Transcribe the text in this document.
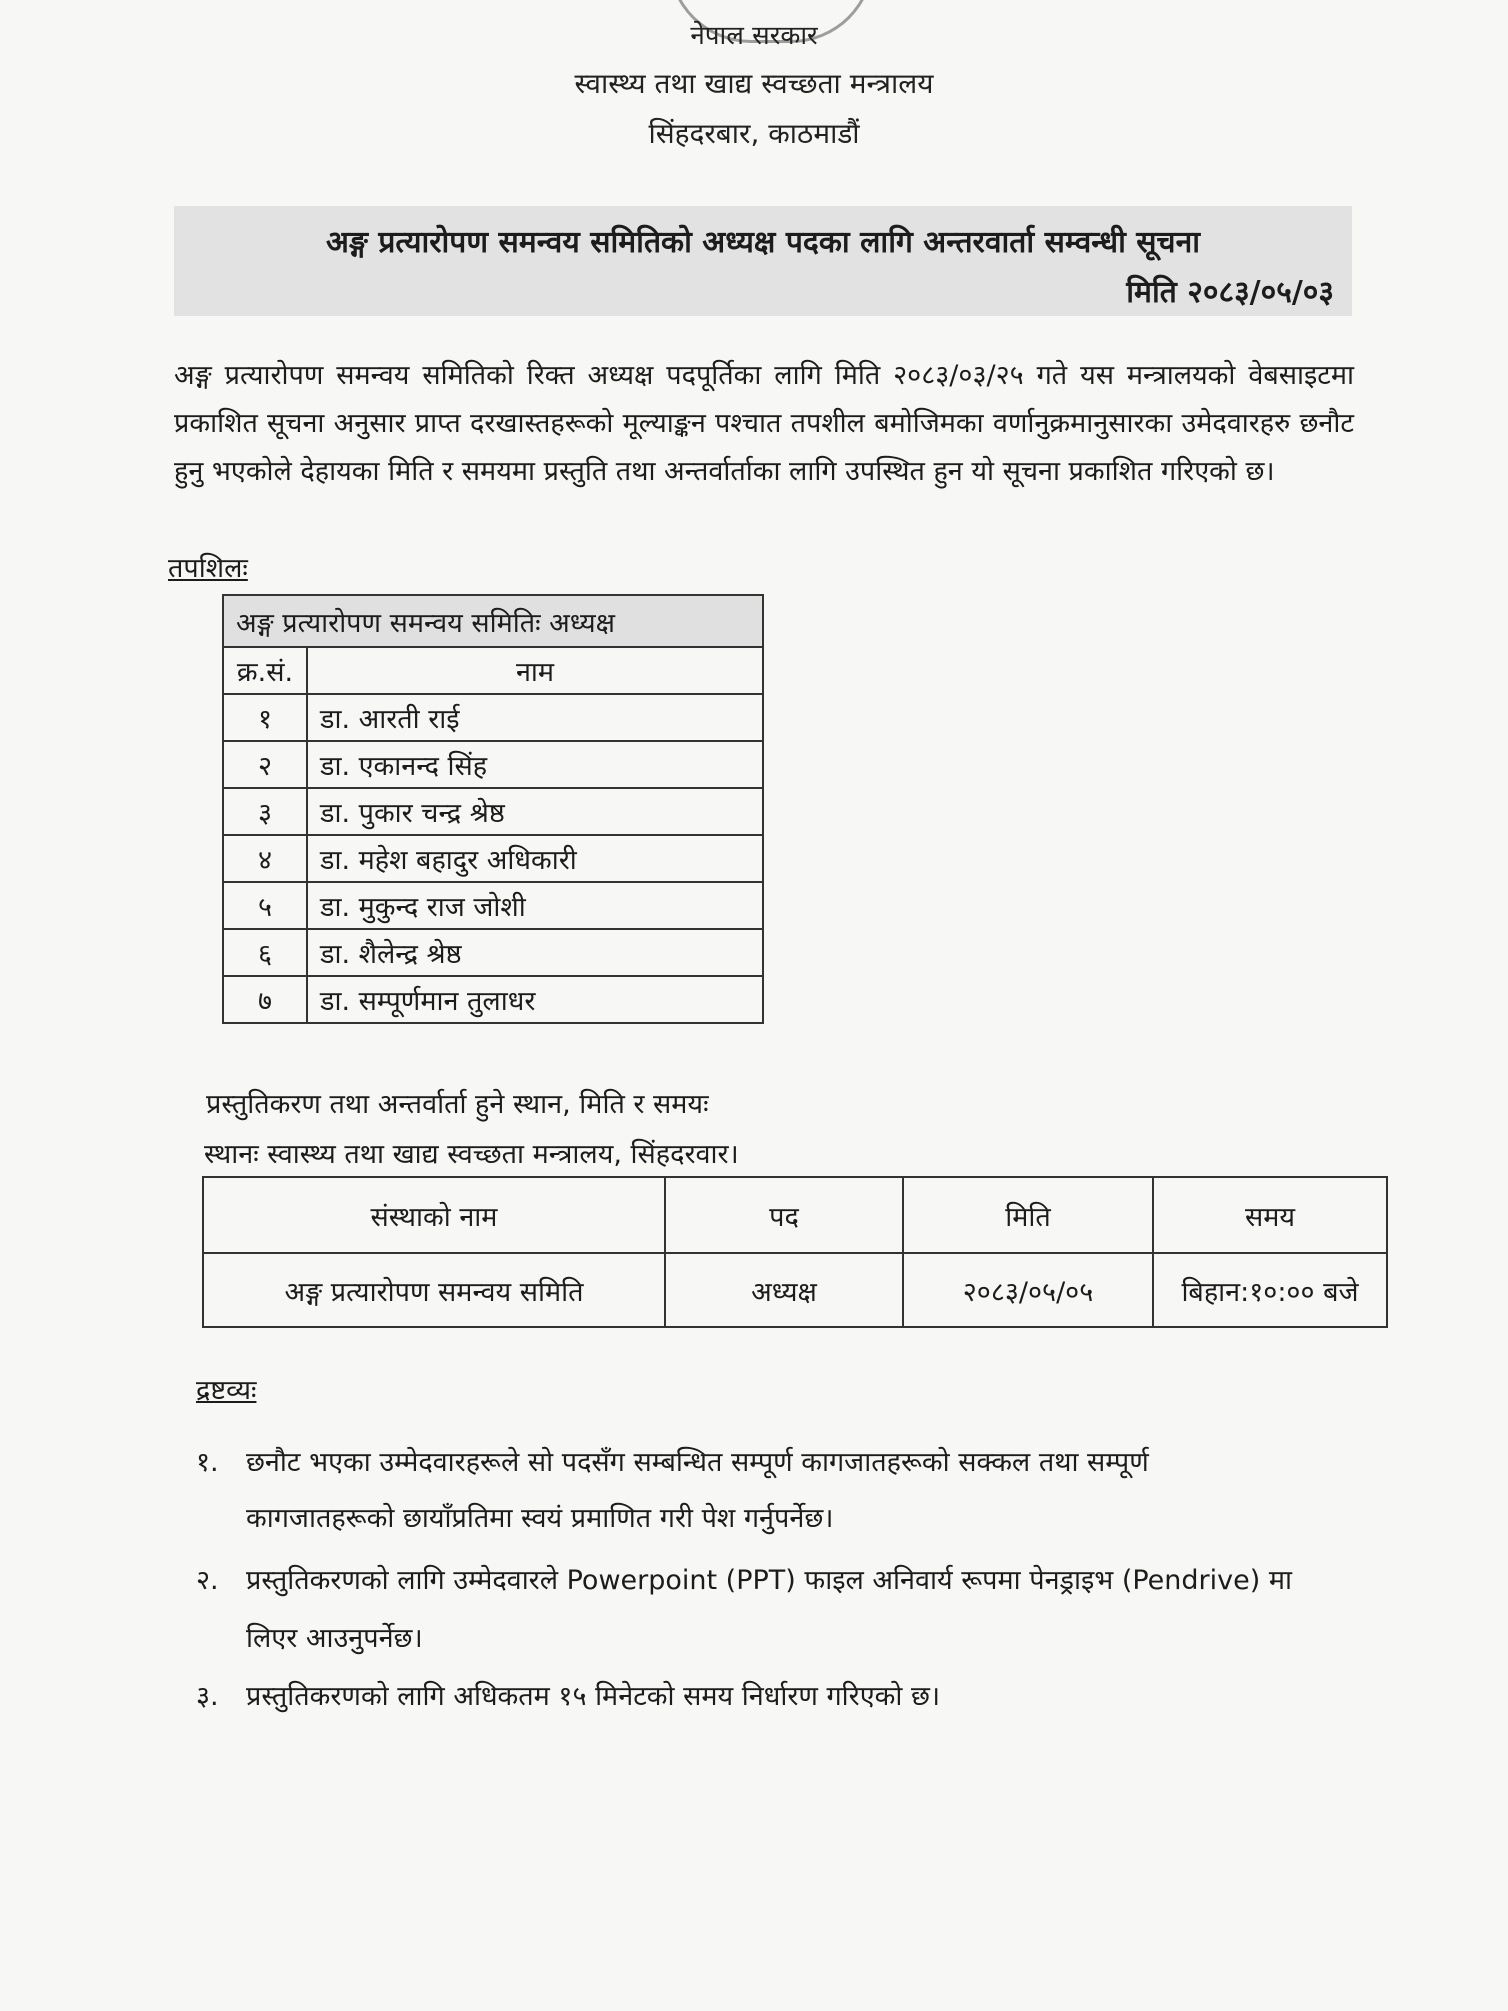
नेपाल सरकार
स्वास्थ्य तथा खाद्य स्वच्छता मन्त्रालय
सिंहदरबार, काठमाडौं
अङ्ग प्रत्यारोपण समन्वय समितिको अध्यक्ष पदका लागि अन्तरवार्ता सम्वन्धी सूचना
मिति २०८३/०५/०३
अङ्ग प्रत्यारोपण समन्वय समितिको रिक्त अध्यक्ष पदपूर्तिका लागि मिति २०८३/०३/२५ गते यस मन्त्रालयको वेबसाइटमा प्रकाशित सूचना अनुसार प्राप्त दरखास्तहरूको मूल्याङ्कन पश्चात तपशील बमोजिमका वर्णानुक्रमानुसारका उमेदवारहरु छनौट हुनु भएकोले देहायका मिति र समयमा प्रस्तुति तथा अन्तर्वार्ताका लागि उपस्थित हुन यो सूचना प्रकाशित गरिएको छ।
तपशिलः
अङ्ग प्रत्यारोपण समन्वय समितिः अध्यक्ष	
क्र.सं.	नाम
१	डा. आरती राई
२	डा. एकानन्द सिंह
३	डा. पुकार चन्द्र श्रेष्ठ
४	डा. महेश बहादुर अधिकारी
५	डा. मुकुन्द राज जोशी
६	डा. शैलेन्द्र श्रेष्ठ
७	डा. सम्पूर्णमान तुलाधर
प्रस्तुतिकरण तथा अन्तर्वार्ता हुने स्थान, मिति र समयः
स्थानः स्वास्थ्य तथा खाद्य स्वच्छता मन्त्रालय, सिंहदरवार।
संस्थाको नाम	पद	मिति	समय
अङ्ग प्रत्यारोपण समन्वय समिति	अध्यक्ष	२०८३/०५/०५	बिहान:१०:०० बजे
द्रष्टव्यः
१. छनौट भएका उम्मेदवारहरूले सो पदसँग सम्बन्धित सम्पूर्ण कागजातहरूको सक्कल तथा सम्पूर्ण
कागजातहरूको छायाँप्रतिमा स्वयं प्रमाणित गरी पेश गर्नुपर्नेछ।
२. प्रस्तुतिकरणको लागि उम्मेदवारले Powerpoint (PPT) फाइल अनिवार्य रूपमा पेनड्राइभ (Pendrive) मा
लिएर आउनुपर्नेछ।
३. प्रस्तुतिकरणको लागि अधिकतम १५ मिनेटको समय निर्धारण गरिएको छ।
